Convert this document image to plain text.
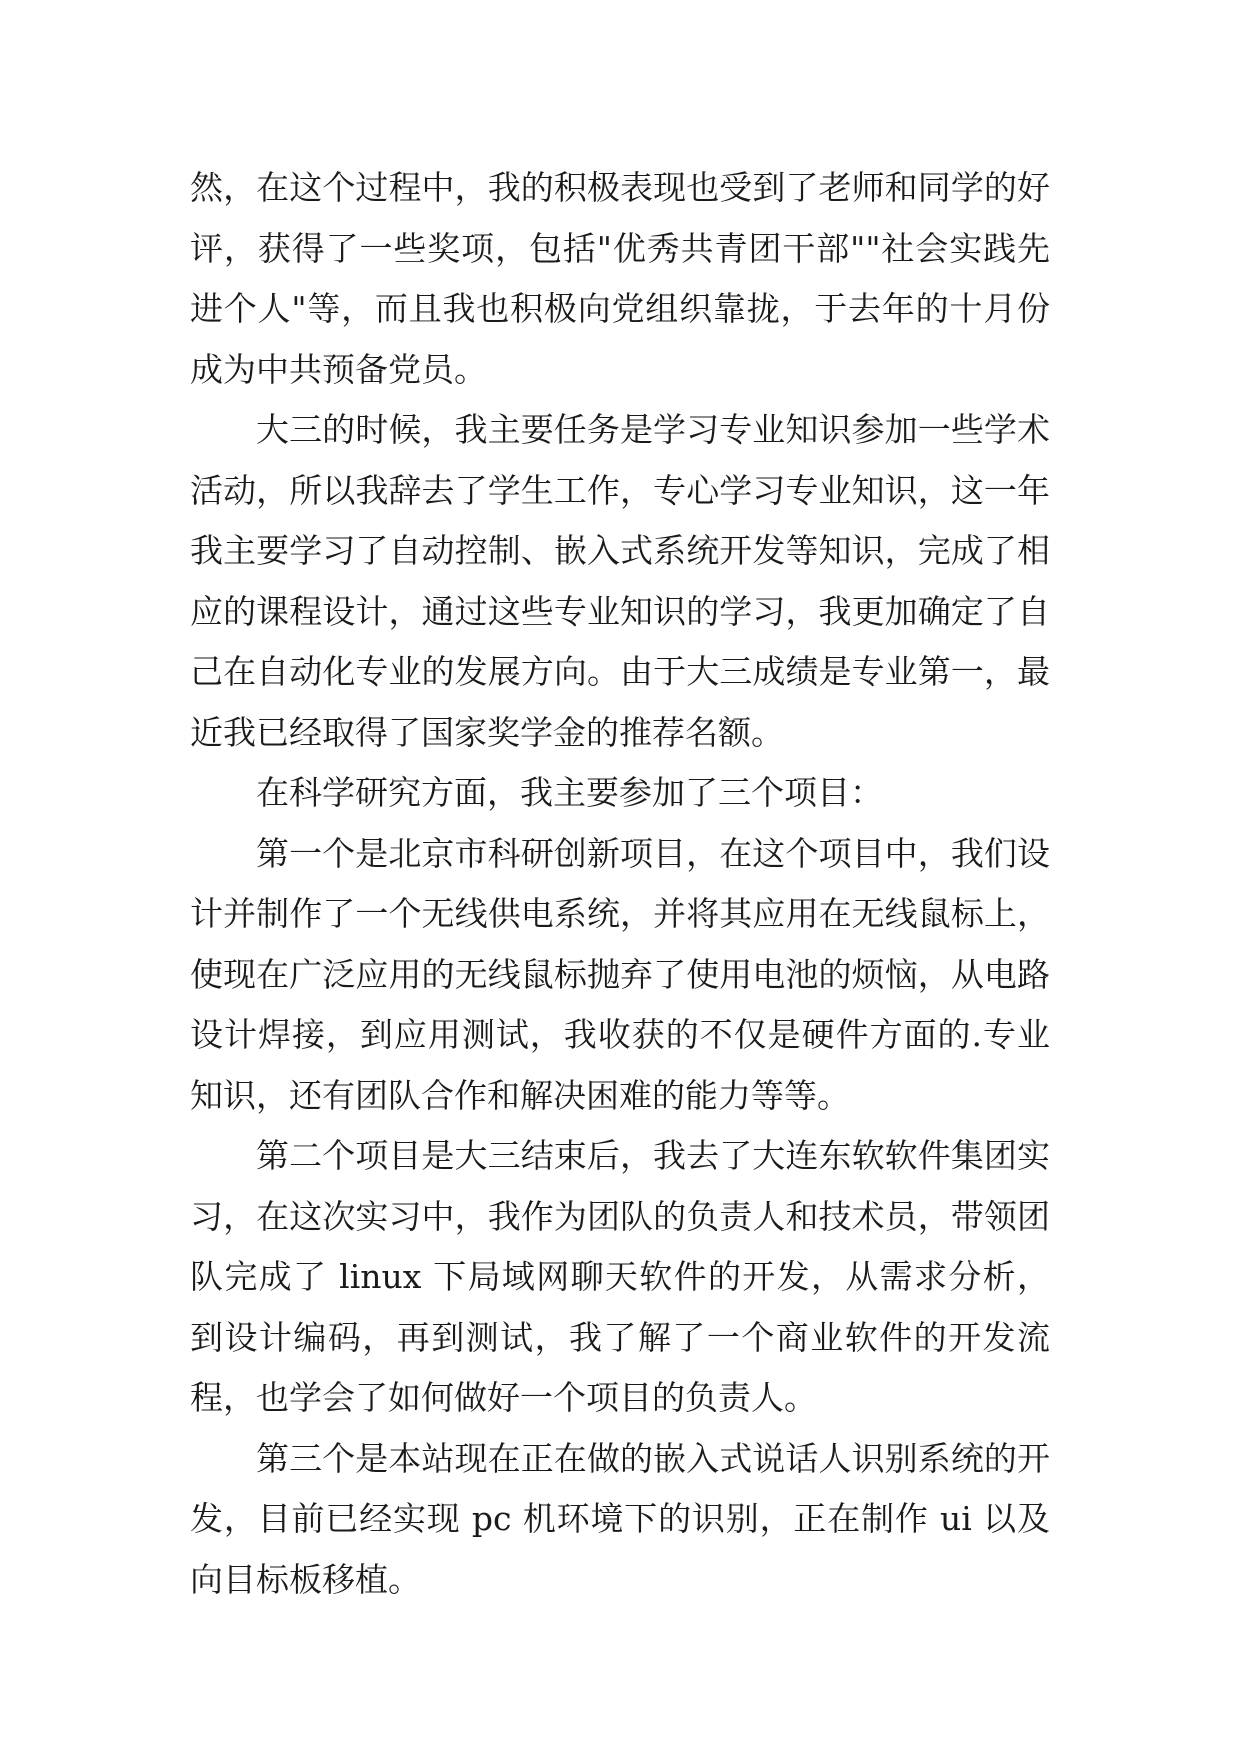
然，在这个过程中，我的积极表现也受到了老师和同学的好评，获得了一些奖项，包括"优秀共青团干部""社会实践先进个人"等，而且我也积极向党组织靠拢，于去年的十月份成为中共预备党员。

大三的时候，我主要任务是学习专业知识参加一些学术活动，所以我辞去了学生工作，专心学习专业知识，这一年我主要学习了自动控制、嵌入式系统开发等知识，完成了相应的课程设计，通过这些专业知识的学习，我更加确定了自己在自动化专业的发展方向。由于大三成绩是专业第一，最近我已经取得了国家奖学金的推荐名额。

在科学研究方面，我主要参加了三个项目：

第一个是北京市科研创新项目，在这个项目中，我们设计并制作了一个无线供电系统，并将其应用在无线鼠标上，使现在广泛应用的无线鼠标抛弃了使用电池的烦恼，从电路设计焊接，到应用测试，我收获的不仅是硬件方面的.专业知识，还有团队合作和解决困难的能力等等。

第二个项目是大三结束后，我去了大连东软软件集团实习，在这次实习中，我作为团队的负责人和技术员，带领团队完成了 linux 下局域网聊天软件的开发，从需求分析，到设计编码，再到测试，我了解了一个商业软件的开发流程，也学会了如何做好一个项目的负责人。

第三个是本站现在正在做的嵌入式说话人识别系统的开发，目前已经实现 pc 机环境下的识别，正在制作 ui 以及向目标板移植。
